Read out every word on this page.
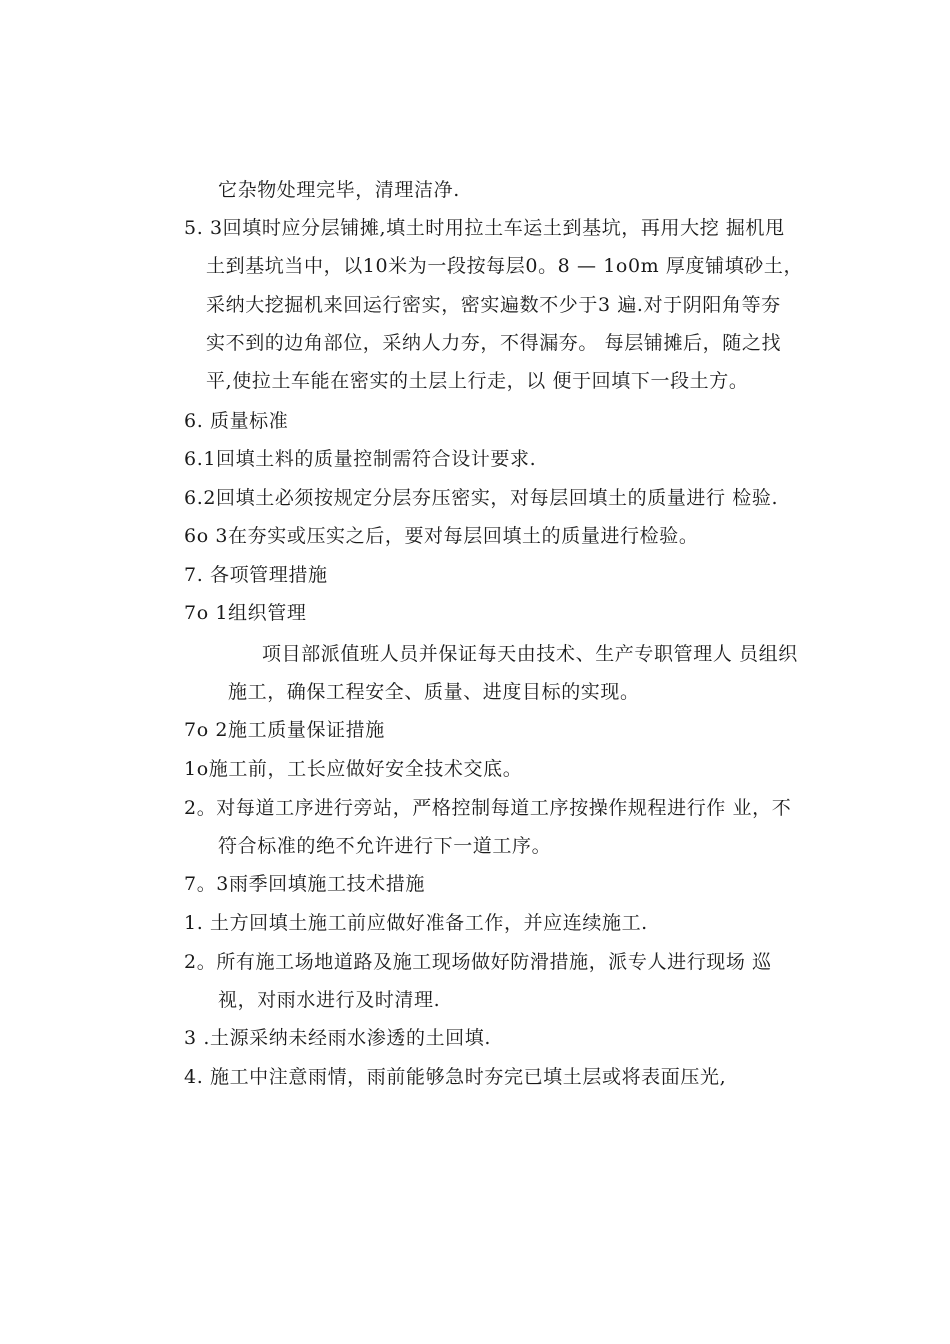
它杂物处理完毕，清理洁净.
5. 3回填时应分层铺摊,填土时用拉土车运土到基坑，再用大挖 掘机甩
土到基坑当中，以10米为一段按每层0。8 — 1o0m 厚度铺填砂土，
采纳大挖掘机来回运行密实，密实遍数不少于3 遍.对于阴阳角等夯
实不到的边角部位，采纳人力夯，不得漏夯。 每层铺摊后，随之找
平,使拉土车能在密实的土层上行走，以 便于回填下一段土方。
6. 质量标准
6.1回填土料的质量控制需符合设计要求.
6.2回填土必须按规定分层夯压密实，对每层回填土的质量进行 检验.
6o 3在夯实或压实之后，要对每层回填土的质量进行检验。
7. 各项管理措施
7o 1组织管理
项目部派值班人员并保证每天由技术、生产专职管理人 员组织
施工，确保工程安全、质量、进度目标的实现。
7o 2施工质量保证措施
1o施工前，工长应做好安全技术交底。
2。对每道工序进行旁站，严格控制每道工序按操作规程进行作 业，不
符合标准的绝不允许进行下一道工序。
7。3雨季回填施工技术措施
1. 土方回填土施工前应做好准备工作，并应连续施工.
2。所有施工场地道路及施工现场做好防滑措施，派专人进行现场 巡
视，对雨水进行及时清理.
3 .土源采纳未经雨水渗透的土回填.
4. 施工中注意雨情，雨前能够急时夯完已填土层或将表面压光,
